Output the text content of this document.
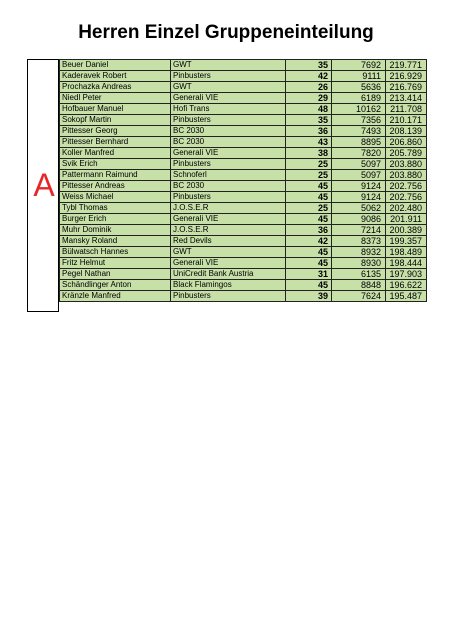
Herren Einzel Gruppeneinteilung
A
Beuer Daniel	GWT	35	7692	219.771
Kaderavek Robert	Pinbusters	42	9111	216.929
Prochazka Andreas	GWT	26	5636	216.769
Niedl Peter	Generali VIE	29	6189	213.414
Hofbauer Manuel	Hofi Trans	48	10162	211.708
Sokopf Martin	Pinbusters	35	7356	210.171
Pittesser Georg	BC 2030	36	7493	208.139
Pittesser Bernhard	BC 2030	43	8895	206.860
Koller Manfred	Generali VIE	38	7820	205.789
Svik Erich	Pinbusters	25	5097	203.880
Pattermann Raimund	Schnoferl	25	5097	203.880
Pittesser Andreas	BC 2030	45	9124	202.756
Weiss Michael	Pinbusters	45	9124	202.756
Tybl Thomas	J.O.S.E.R	25	5062	202.480
Burger Erich	Generali VIE	45	9086	201.911
Muhr Dominik	J.O.S.E.R	36	7214	200.389
Mansky Roland	Red Devils	42	8373	199.357
Bülwatsch Hannes	GWT	45	8932	198.489
Fritz Helmut	Generali VIE	45	8930	198.444
Pegel Nathan	UniCredit Bank Austria	31	6135	197.903
Schändlinger Anton	Black Flamingos	45	8848	196.622
Kränzle Manfred	Pinbusters	39	7624	195.487
